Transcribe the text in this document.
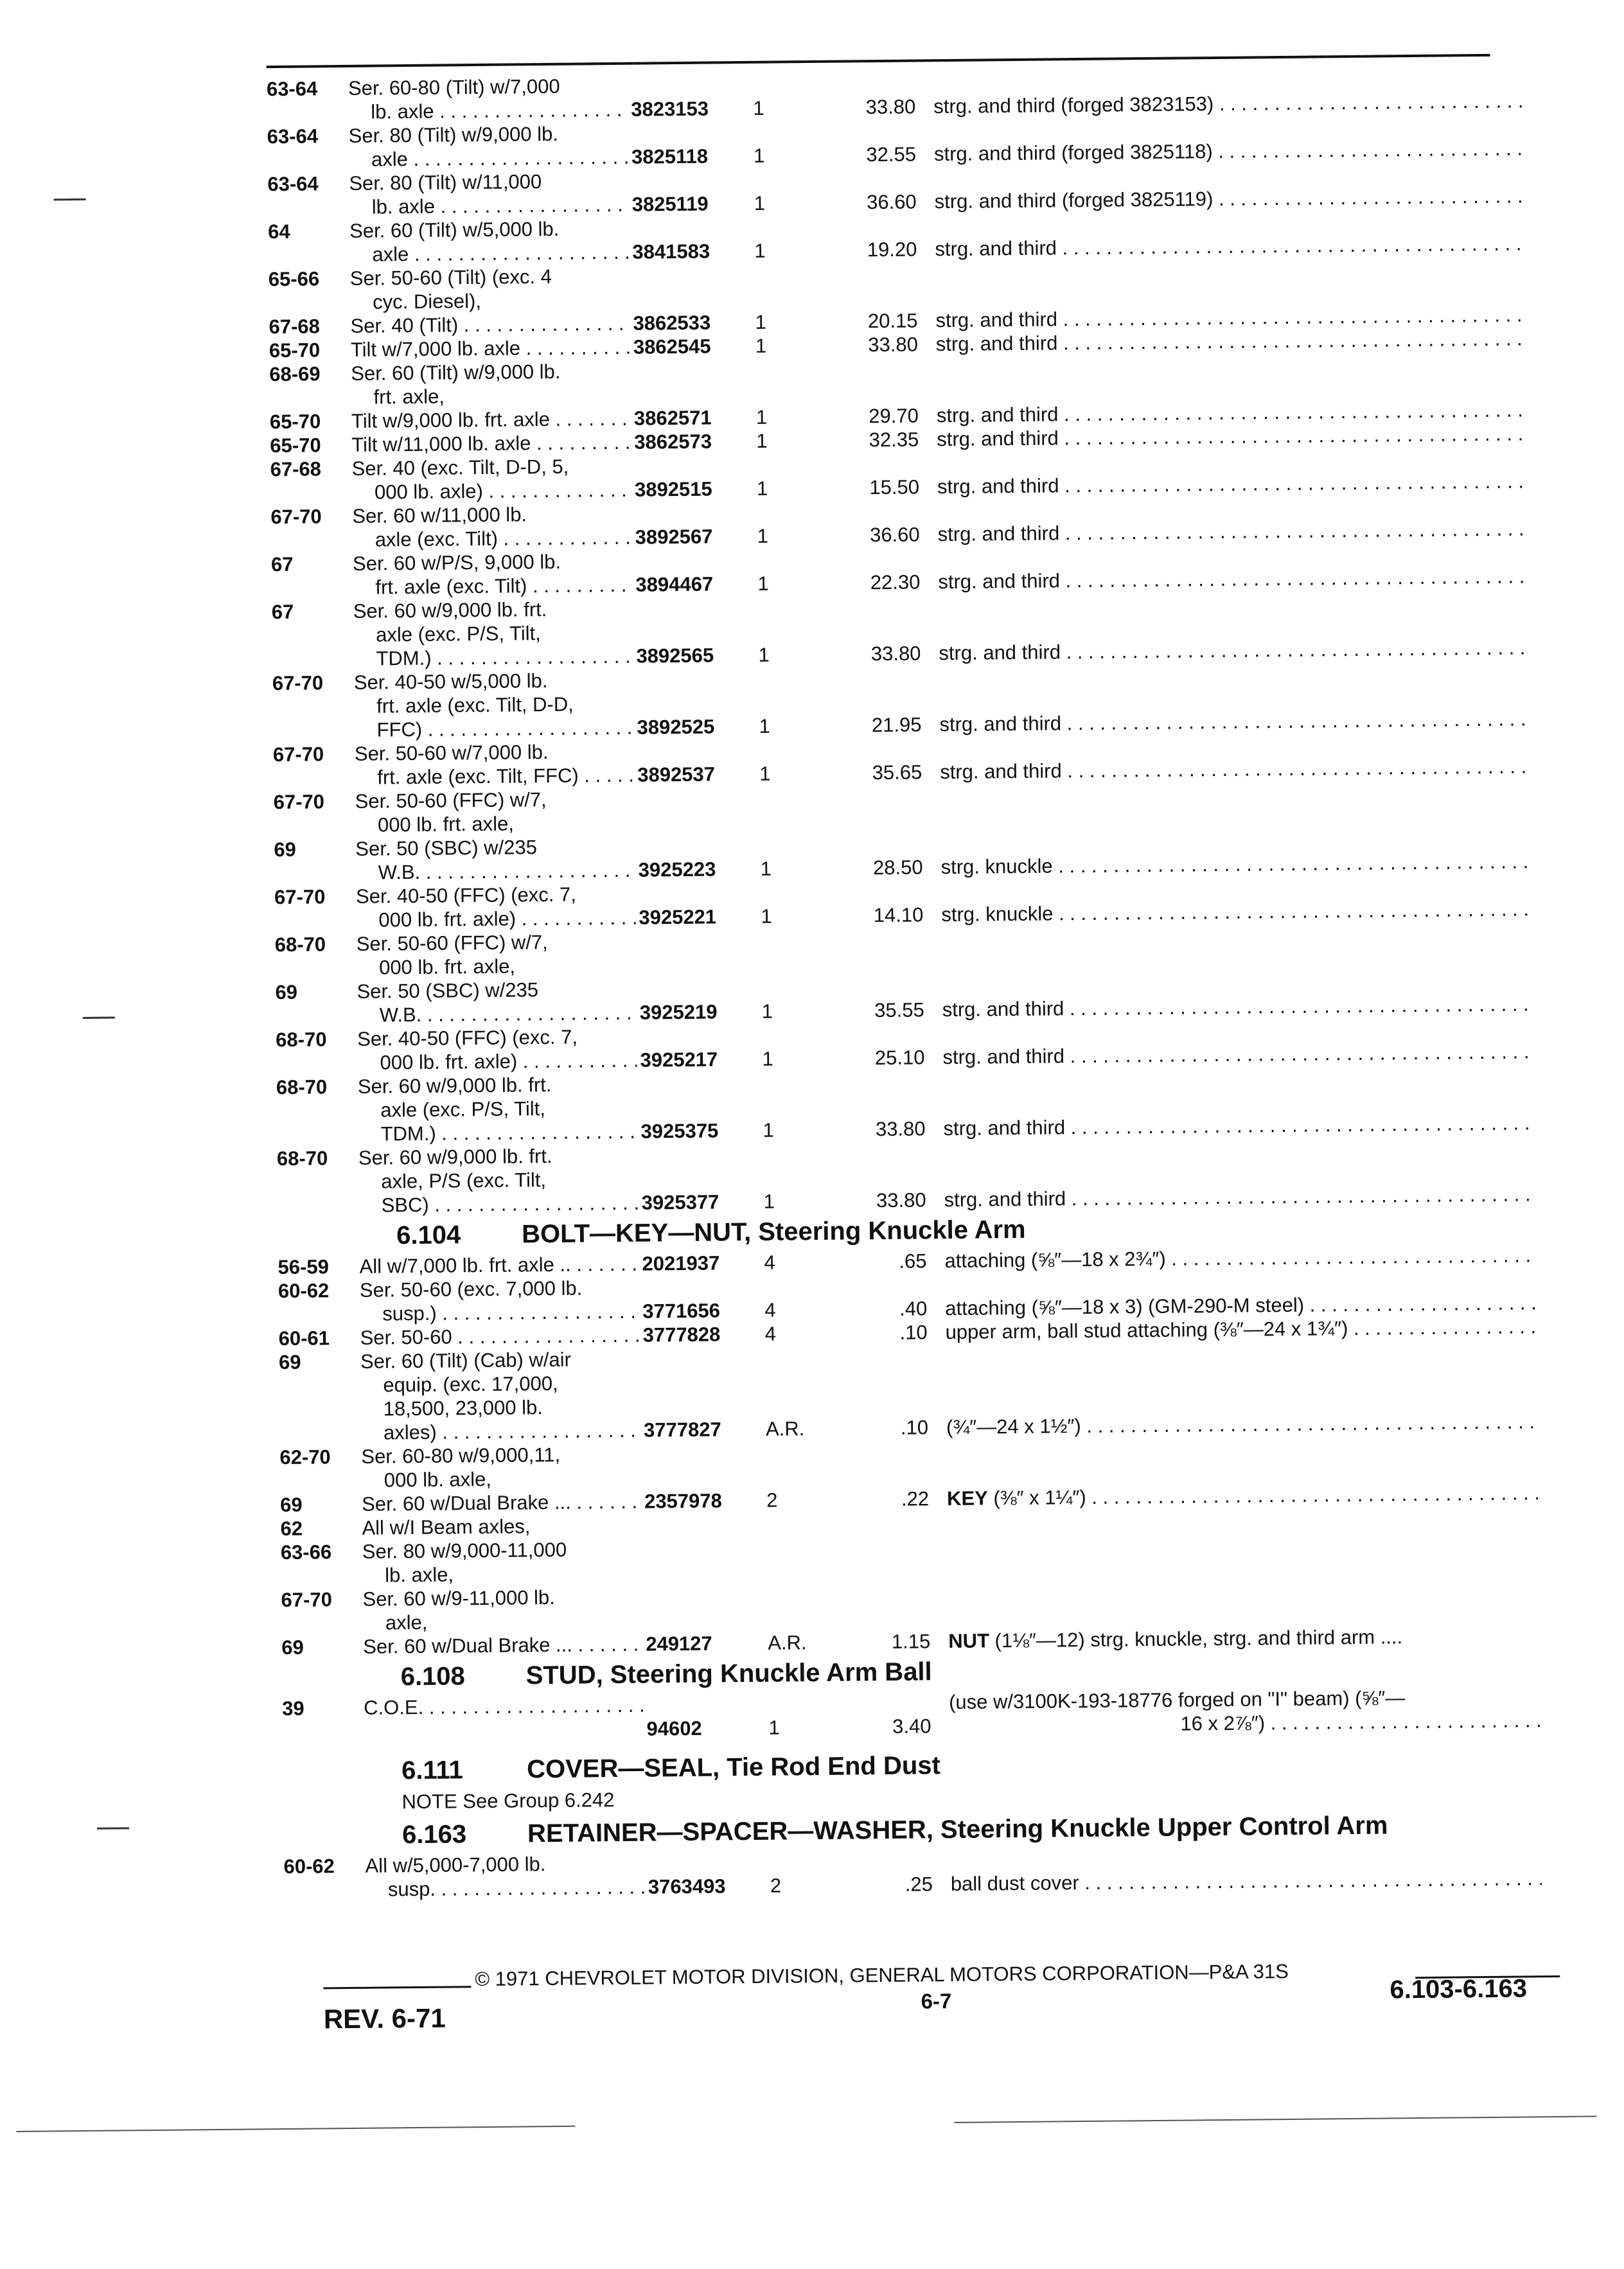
63-64	Ser. 60-80 (Tilt) w/7,000
lb. axle . . .	3823153	1	33.80 strg. and third (forged 3823153) . . .
63-64	Ser. 80 (Tilt) w/9,000 lb.
axle . . .	3825118	1	32.55 strg. and third (forged 3825118) . . .
63-64	Ser. 80 (Tilt) w/11,000
lb. axle . . .	3825119	1	36.60 strg. and third (forged 3825119) . . .
64	Ser. 60 (Tilt) w/5,000 lb.
axle . . .	3841583	1	19.20 strg. and third . . .
65-66	Ser. 50-60 (Tilt) (exc. 4
cyc. Diesel),
67-68	Ser. 40 (Tilt) . . .	3862533	1	20.15 strg. and third . . .
65-70	Tilt w/7,000 lb. axle . . .	3862545	1	33.80 strg. and third . . .
68-69	Ser. 60 (Tilt) w/9,000 lb.
frt. axle,
65-70	Tilt w/9,000 lb. frt. axle . . .	3862571	1	29.70 strg. and third . . .
65-70	Tilt w/11,000 lb. axle . . .	3862573	1	32.35 strg. and third . . .
67-68	Ser. 40 (exc. Tilt, D-D, 5,
000 lb. axle) . . .	3892515	1	15.50 strg. and third . . .
67-70	Ser. 60 w/11,000 lb.
axle (exc. Tilt) . . .	3892567	1	36.60 strg. and third . . .
67	Ser. 60 w/P/S, 9,000 lb.
frt. axle (exc. Tilt) . . .	3894467	1	22.30 strg. and third . . .
67	Ser. 60 w/9,000 lb. frt.
axle (exc. P/S, Tilt,
TDM.) . . .	3892565	1	33.80 strg. and third . . .
67-70	Ser. 40-50 w/5,000 lb.
frt. axle (exc. Tilt, D-D,
FFC) . . .	3892525	1	21.95 strg. and third . . .
67-70	Ser. 50-60 w/7,000 lb.
frt. axle (exc. Tilt, FFC) . . . .	3892537	1	35.65 strg. and third . . .
67-70	Ser. 50-60 (FFC) w/7,
000 lb. frt. axle,
69	Ser. 50 (SBC) w/235
W.B. . . .	3925223	1	28.50 strg. knuckle . . .
67-70	Ser. 40-50 (FFC) (exc. 7,
000 lb. frt. axle) . . .	3925221	1	14.10 strg. knuckle . . .
68-70	Ser. 50-60 (FFC) w/7,
000 lb. frt. axle,
69	Ser. 50 (SBC) w/235
W.B. . . .	3925219	1	35.55 strg. and third . . .
68-70	Ser. 40-50 (FFC) (exc. 7,
000 lb. frt. axle) . . .	3925217	1	25.10 strg. and third . . .
68-70	Ser. 60 w/9,000 lb. frt.
axle (exc. P/S, Tilt,
TDM.) . . .	3925375	1	33.80 strg. and third . . .
68-70	Ser. 60 w/9,000 lb. frt.
axle, P/S (exc. Tilt,
SBC) . . .	3925377	1	33.80 strg. and third . . .
6.104 BOLT—KEY—NUT, Steering Knuckle Arm
56-59	All w/7,000 lb. frt. axle .. . . .	2021937	4	.65 attaching (⅝″—18 x 2¾″) . . .
60-62	Ser. 50-60 (exc. 7,000 lb.
susp.) . . .	3771656	4	.40 attaching (⅝″—18 x 3) (GM-290-M steel) . . .
60-61	Ser. 50-60 . . .	3777828	4	.10 upper arm, ball stud attaching (⅜″—24 x 1¾″) . . .
69	Ser. 60 (Tilt) (Cab) w/air
equip. (exc. 17,000,
18,500, 23,000 lb.
axles) . . .	3777827	A.R.	.10 (¾″—24 x 1½″) . . .
62-70	Ser. 60-80 w/9,000,11,
000 lb. axle,
69	Ser. 60 w/Dual Brake ... . . .	2357978	2	.22 KEY (⅜″ x 1¼″) . . .
62	All w/I Beam axles,
63-66	Ser. 80 w/9,000-11,000
lb. axle,
67-70	Ser. 60 w/9-11,000 lb.
axle,
69	Ser. 60 w/Dual Brake ... . . .	249127	A.R.	1.15 NUT (1⅛″—12) strg. knuckle, strg. and third arm ....
6.108 STUD, Steering Knuckle Arm Ball
39	C.O.E. . . .
94602	1	3.40
(use w/3100K-193-18776 forged on "I" beam) (⅝″—
16 x 2⅞″) . . .
6.111 COVER—SEAL, Tie Rod End Dust
NOTE See Group 6.242
6.163 RETAINER—SPACER—WASHER, Steering Knuckle Upper Control Arm
60-62	All w/5,000-7,000 lb.
susp. . . .	3763493	2	.25 ball dust cover . . .
© 1971 CHEVROLET MOTOR DIVISION, GENERAL MOTORS CORPORATION—P&A 31S
REV. 6-71
6-7	6.103-6.163
